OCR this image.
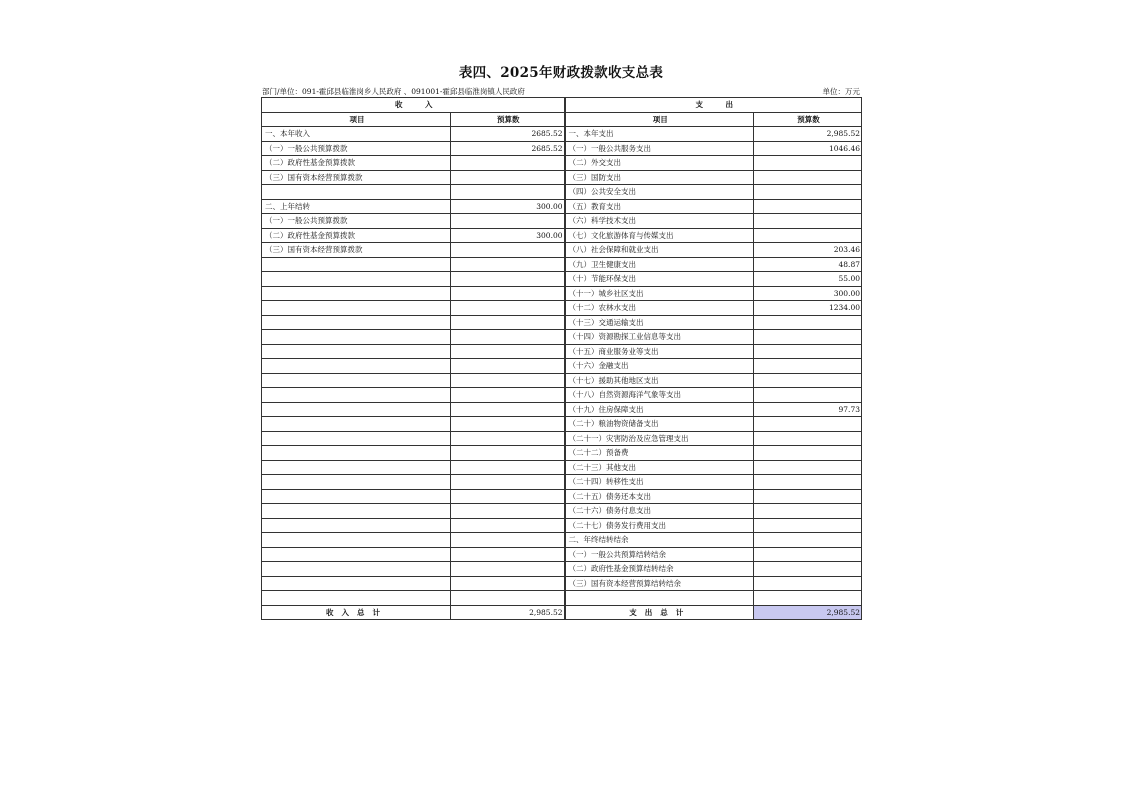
表四、2025年财政拨款收支总表
部门/单位：091-霍邱县临淮岗乡人民政府 、091001-霍邱县临淮岗镇人民政府	单位：万元
收　　　入		支　　　出	
项目	预算数	项目	预算数
一、本年收入	2685.52	一、本年支出	2,985.52
（一）一般公共预算拨款	2685.52	（一）一般公共服务支出	1046.46
（二）政府性基金预算拨款		（二）外交支出	
（三）国有资本经营预算拨款		（三）国防支出	
		（四）公共安全支出	
二、上年结转	300.00	（五）教育支出	
（一）一般公共预算拨款		（六）科学技术支出	
（二）政府性基金预算拨款	300.00	（七）文化旅游体育与传媒支出	
（三）国有资本经营预算拨款		（八）社会保障和就业支出	203.46
		（九）卫生健康支出	48.87
		（十）节能环保支出	55.00
		（十一）城乡社区支出	300.00
		（十二）农林水支出	1234.00
		（十三）交通运输支出	
		（十四）资源勘探工业信息等支出	
		（十五）商业服务业等支出	
		（十六）金融支出	
		（十七）援助其他地区支出	
		（十八）自然资源海洋气象等支出	
		（十九）住房保障支出	97.73
		（二十）粮油物资储备支出	
		（二十一）灾害防治及应急管理支出	
		（二十二）预备费	
		（二十三）其他支出	
		（二十四）转移性支出	
		（二十五）债务还本支出	
		（二十六）债务付息支出	
		（二十七）债务发行费用支出	
		二、年终结转结余	
		（一）一般公共预算结转结余	
		（二）政府性基金预算结转结余	
		（三）国有资本经营预算结转结余	

收入总计	2,985.52	支出总计	2,985.52
